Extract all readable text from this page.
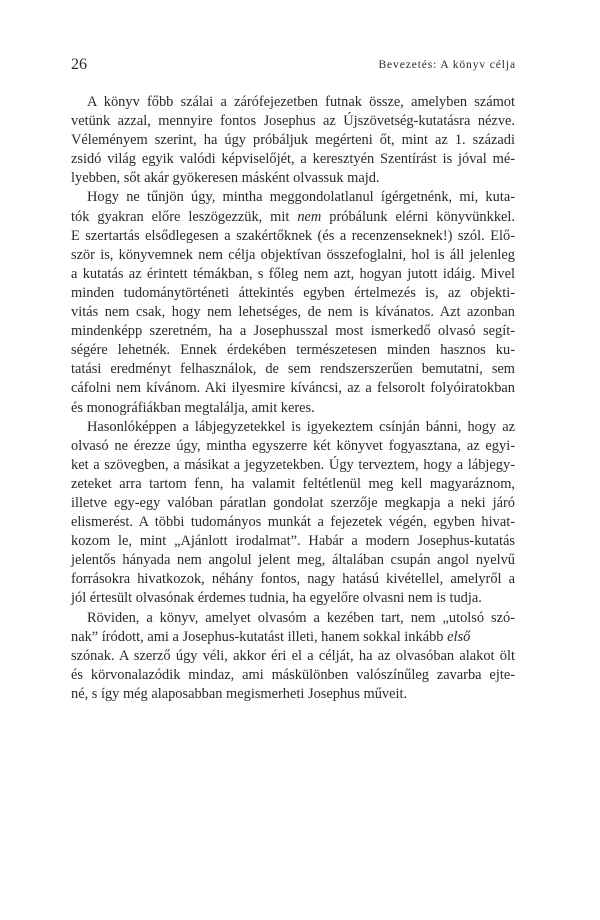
26	Bevezetés: A könyv célja

A könyv főbb szálai a zárófejezetben futnak össze, amelyben számot
vetünk azzal, mennyire fontos Josephus az Újszövetség-kutatásra nézve.
Véleményem szerint, ha úgy próbáljuk megérteni őt, mint az 1. századi
zsidó világ egyik valódi képviselőjét, a keresztyén Szentírást is jóval mé-
lyebben, sőt akár gyökeresen másként olvassuk majd.

Hogy ne tűnjön úgy, mintha meggondolatlanul ígérgetnénk, mi, kuta-
tók gyakran előre leszögezzük, mit nem próbálunk elérni könyvünkkel.
E szertartás elsődlegesen a szakértőknek (és a recenzenseknek!) szól. Elő-
ször is, könyvemnek nem célja objektívan összefoglalni, hol is áll jelenleg
a kutatás az érintett témákban, s főleg nem azt, hogyan jutott idáig. Mivel
minden tudománytörténeti áttekintés egyben értelmezés is, az objekti-
vitás nem csak, hogy nem lehetséges, de nem is kívánatos. Azt azonban
mindenképp szeretném, ha a Josephusszal most ismerkedő olvasó segít-
ségére lehetnék. Ennek érdekében természetesen minden hasznos ku-
tatási eredményt felhasználok, de sem rendszerszerűen bemutatni, sem
cáfolni nem kívánom. Aki ilyesmire kíváncsi, az a felsorolt folyóiratokban
és monográfiákban megtalálja, amit keres.

Hasonlóképpen a lábjegyzetekkel is igyekeztem csínján bánni, hogy az
olvasó ne érezze úgy, mintha egyszerre két könyvet fogyasztana, az egyi-
ket a szövegben, a másikat a jegyzetekben. Úgy terveztem, hogy a lábjegy-
zeteket arra tartom fenn, ha valamit feltétlenül meg kell magyaráznom,
illetve egy-egy valóban páratlan gondolat szerzője megkapja a neki járó
elismerést. A többi tudományos munkát a fejezetek végén, egyben hivat-
kozom le, mint „Ajánlott irodalmat”. Habár a modern Josephus-kutatás
jelentős hányada nem angolul jelent meg, általában csupán angol nyelvű
forrásokra hivatkozok, néhány fontos, nagy hatású kivétellel, amelyről a
jól értesült olvasónak érdemes tudnia, ha egyelőre olvasni nem is tudja.

Röviden, a könyv, amelyet olvasóm a kezében tart, nem „utolsó szó-
nak” íródott, ami a Josephus-kutatást illeti, hanem sokkal inkább első
szónak. A szerző úgy véli, akkor éri el a célját, ha az olvasóban alakot ölt
és körvonalazódik mindaz, ami máskülönben valószínűleg zavarba ejte-
né, s így még alaposabban megismerheti Josephus műveit.
